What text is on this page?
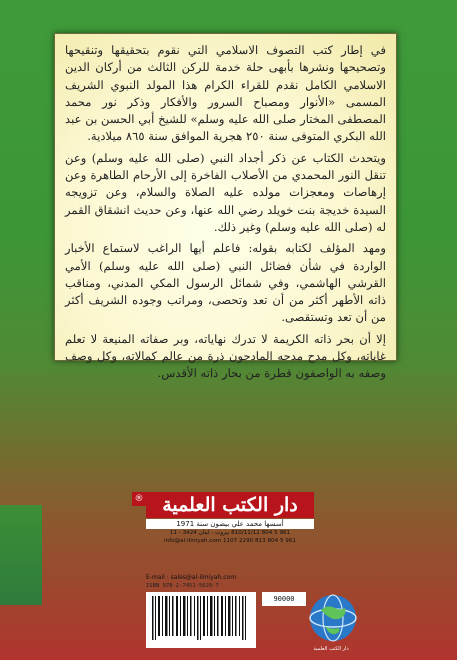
في إطار كتب التصوف الاسلامي التي نقوم بتحقيقها وتنقيحها وتصحيحها ونشرها بأبهى حلة خدمة للركن الثالث من أركان الدين الاسلامي الكامل نقدم للقراء الكرام هذا المولد النبوي الشريف المسمى «الأنوار ومصباح السرور والأفكار وذكر نور محمد المصطفى المختار صلى الله عليه وسلم» للشيخ أبي الحسن بن عبد الله البكري المتوفى سنة ٢٥٠ هجرية الموافق سنة ٨٦٥ ميلادية.

ويتحدث الكتاب عن ذكر أجداد النبي (صلى الله عليه وسلم) وعن تنقل النور المحمدي من الأصلاب الفاخرة إلى الأرحام الطاهرة وعن إرهاصات ومعجزات مولده عليه الصلاة والسلام، وعن تزويجه السيدة خديجة بنت خويلد رضي الله عنها، وعن حديث انشقاق القمر له (صلى الله عليه وسلم) وغير ذلك.

ومهد المؤلف لكتابه بقوله: فاعلم أيها الراغب لاستماع الأخبار الواردة في شأن فضائل النبي (صلى الله عليه وسلم) الأمي القرشي الهاشمي، وفي شمائل الرسول المكي المدني، ومناقب ذاته الأطهر أكثر من أن تعد وتحصى، ومراتب وجوده الشريف أكثر من أن تعد وتستقصى.

إلا أن بحر ذاته الكريمة لا تدرك نهاياته، وبر صفاته المنيعة لا تعلم غاياته، وكل مدح مدحه المادحون ذرة من عالم كمالاته، وكل وصف وصفه به الواصفون قطرة من بحار ذاته الأقدس.

® دار الكتب العلمية
أسسها محمد علي بيضون سنة 1971
961 5 804 810/11/12 بيروت - لبنان 3424 - 11
961 5 804 813 info@al-ilmiyah.com 1107 2290
E-mail : sales@al-ilmiyah.com
ISBN 978-2-7451-5629-7
90000
دار الكتب العلمية
